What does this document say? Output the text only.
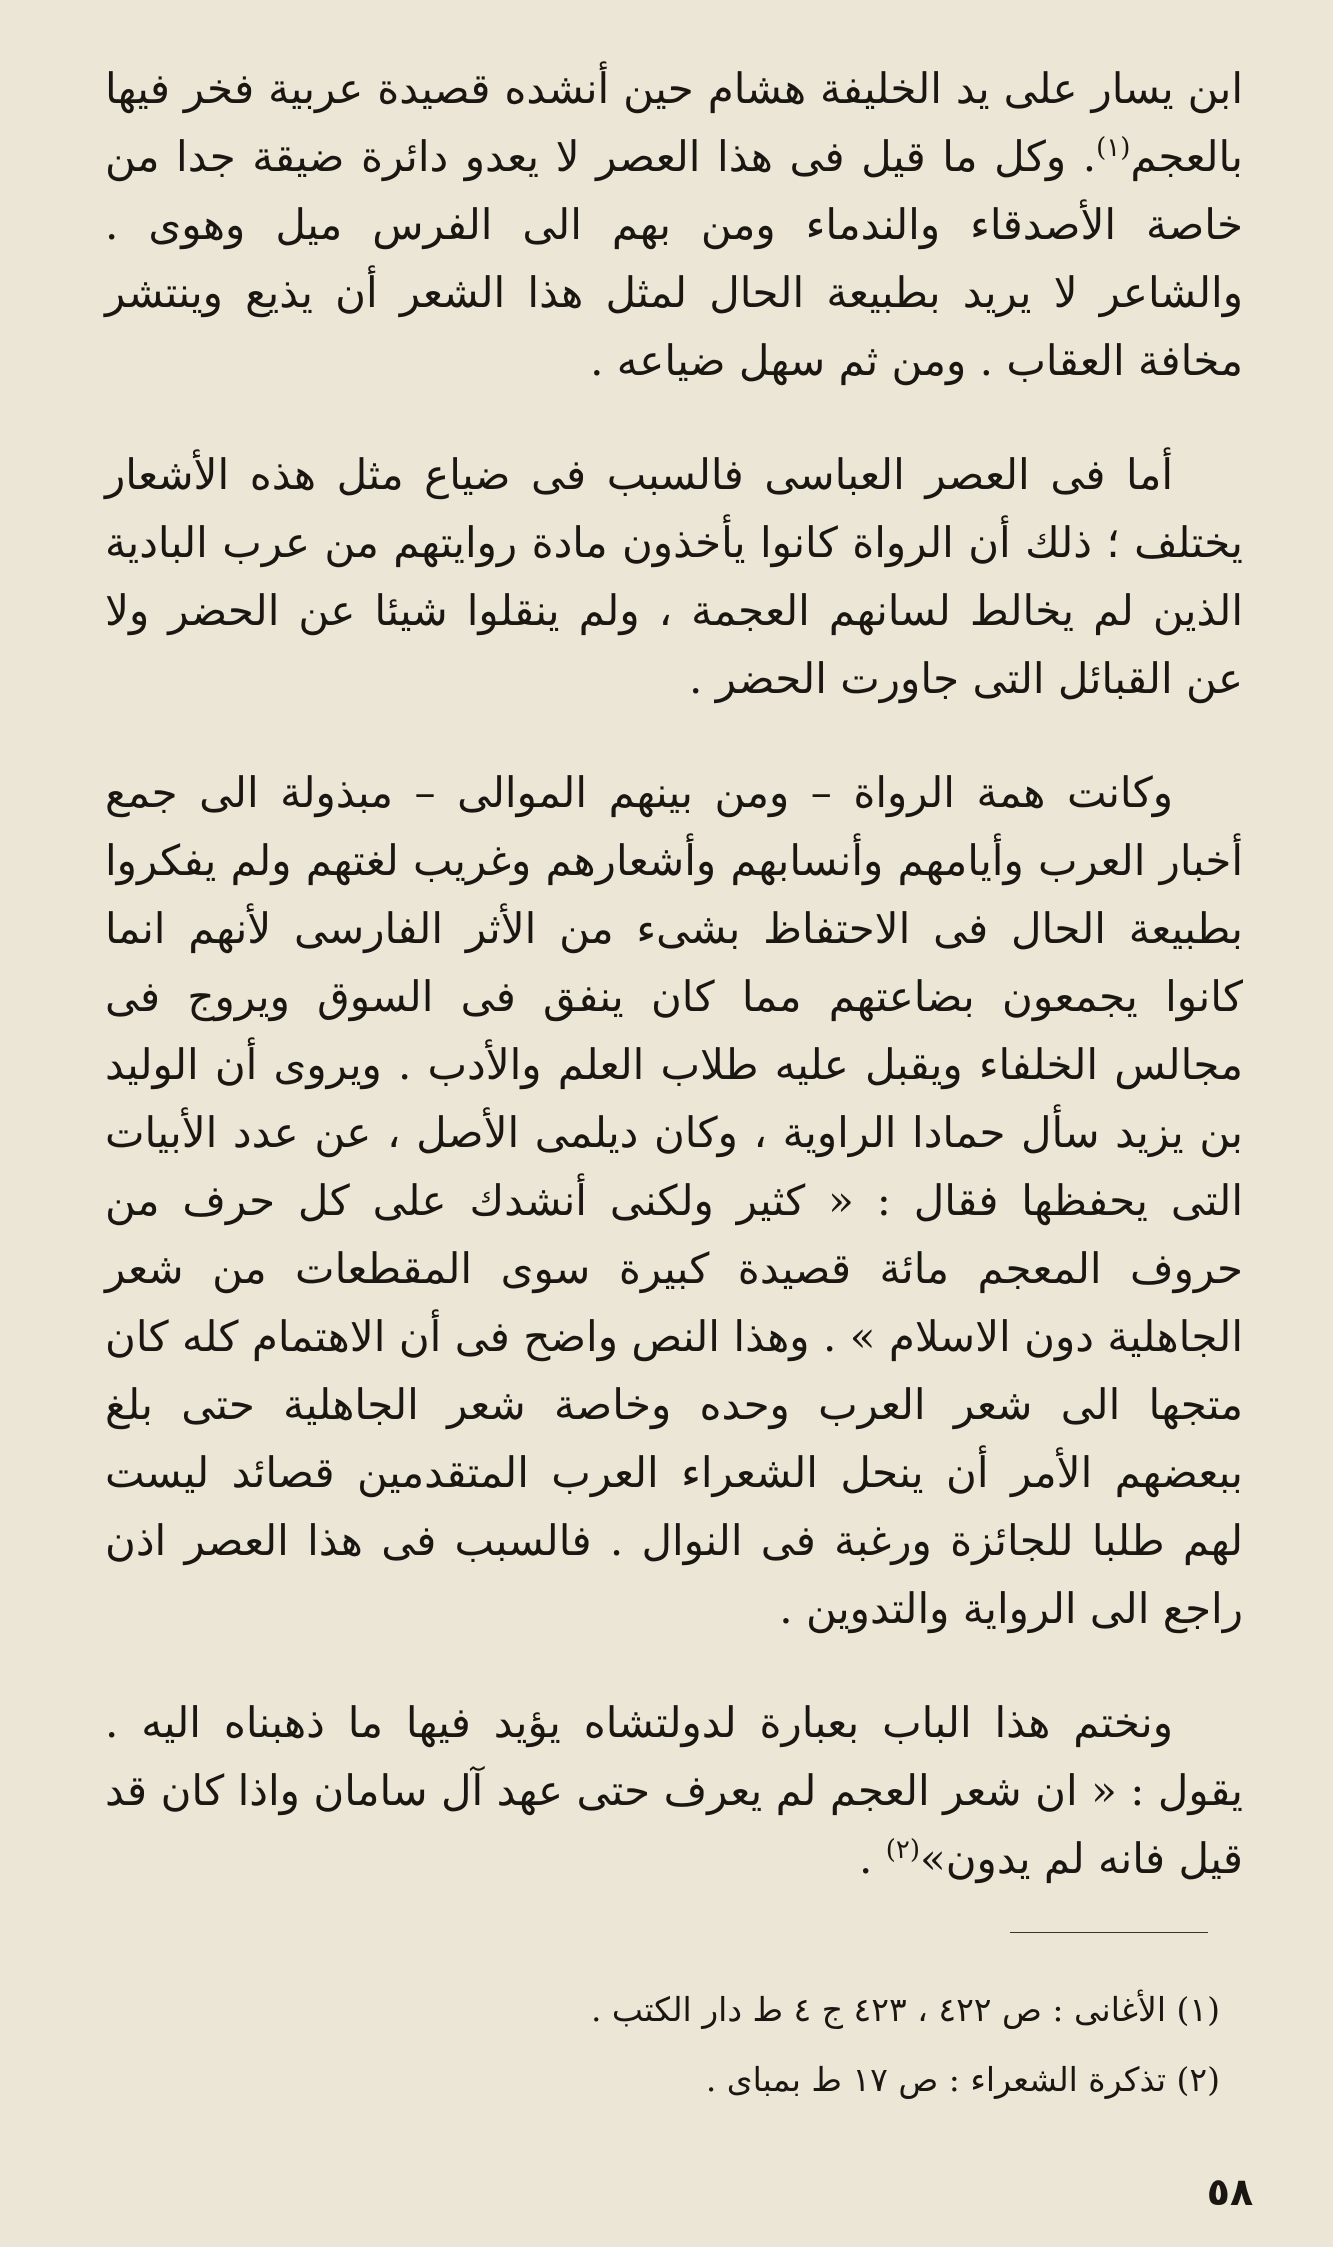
ابن يسار على يد الخليفة هشام حين أنشده قصيدة عربية فخر فيها بالعجم$^{(١)}$. وكل ما قيل فى هذا العصر لا يعدو دائرة ضيقة جدا من خاصة الأصدقاء والندماء ومن بهم الى الفرس ميل وهوى . والشاعر لا يريد بطبيعة الحال لمثل هذا الشعر أن يذيع وينتشر مخافة العقاب . ومن ثم سهل ضياعه .

أما فى العصر العباسى فالسبب فى ضياع مثل هذه الأشعار يختلف ؛ ذلك أن الرواة كانوا يأخذون مادة روايتهم من عرب البادية الذين لم يخالط لسانهم العجمة ، ولم ينقلوا شيئا عن الحضر ولا عن القبائل التى جاورت الحضر .

وكانت همة الرواة – ومن بينهم الموالى – مبذولة الى جمع أخبار العرب وأيامهم وأنسابهم وأشعارهم وغريب لغتهم ولم يفكروا بطبيعة الحال فى الاحتفاظ بشىء من الأثر الفارسى لأنهم انما كانوا يجمعون بضاعتهم مما كان ينفق فى السوق ويروج فى مجالس الخلفاء ويقبل عليه طلاب العلم والأدب . ويروى أن الوليد بن يزيد سأل حمادا الراوية ، وكان ديلمى الأصل ، عن عدد الأبيات التى يحفظها فقال : « كثير ولكنى أنشدك على كل حرف من حروف المعجم مائة قصيدة كبيرة سوى المقطعات من شعر الجاهلية دون الاسلام » . وهذا النص واضح فى أن الاهتمام كله كان متجها الى شعر العرب وحده وخاصة شعر الجاهلية حتى بلغ ببعضهم الأمر أن ينحل الشعراء العرب المتقدمين قصائد ليست لهم طلبا للجائزة ورغبة فى النوال . فالسبب فى هذا العصر اذن راجع الى الرواية والتدوين .

ونختم هذا الباب بعبارة لدولتشاه يؤيد فيها ما ذهبناه اليه . يقول : « ان شعر العجم لم يعرف حتى عهد آل سامان واذا كان قد قيل فانه لم يدون»$^{(٢)}$ .

(١) الأغانى : ص ٤٢٢ ، ٤٢٣ ج ٤ ط دار الكتب .

(٢) تذكرة الشعراء : ص ١٧ ط بمباى .

٥٨
